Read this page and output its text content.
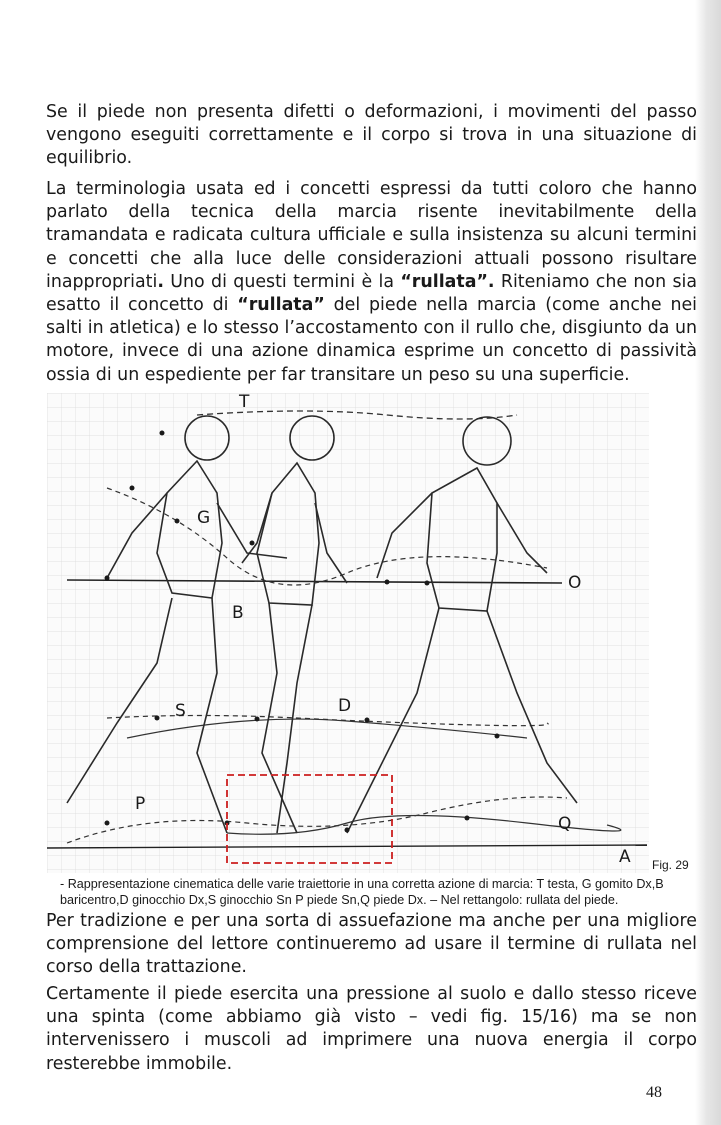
Se il piede non presenta difetti o deformazioni, i movimenti del passo vengono eseguiti correttamente e il corpo si trova in una situazione di equilibrio.

La terminologia usata ed i concetti espressi da tutti coloro che hanno parlato della tecnica della marcia risente inevitabilmente della tramandata e radicata cultura ufficiale e sulla insistenza su alcuni termini e concetti che alla luce delle considerazioni attuali possono risultare inappropriati. Uno di questi termini è la “rullata”. Riteniamo che non sia esatto il concetto di “rullata” del piede nella marcia (come anche nei salti in atletica) e lo stesso l’accostamento con il rullo che, disgiunto da un motore, invece di una azione dinamica esprime un concetto di passività ossia di un espediente per far transitare un peso su una superficie.

T
G
O
B
S	D
P
Q
A Fig. 29
- Rappresentazione cinematica delle varie traiettorie in una corretta azione di marcia: T testa, G gomito Dx,B baricentro,D ginocchio Dx,S ginocchio Sn P piede Sn,Q piede Dx. – Nel rettangolo: rullata del piede.

Per tradizione e per una sorta di assuefazione ma anche per una migliore comprensione del lettore continueremo ad usare il termine di rullata nel corso della trattazione.

Certamente il piede esercita una pressione al suolo e dallo stesso riceve una spinta (come abbiamo già visto – vedi fig. 15/16) ma se non intervenissero i muscoli ad imprimere una nuova energia il corpo resterebbe immobile.

48
